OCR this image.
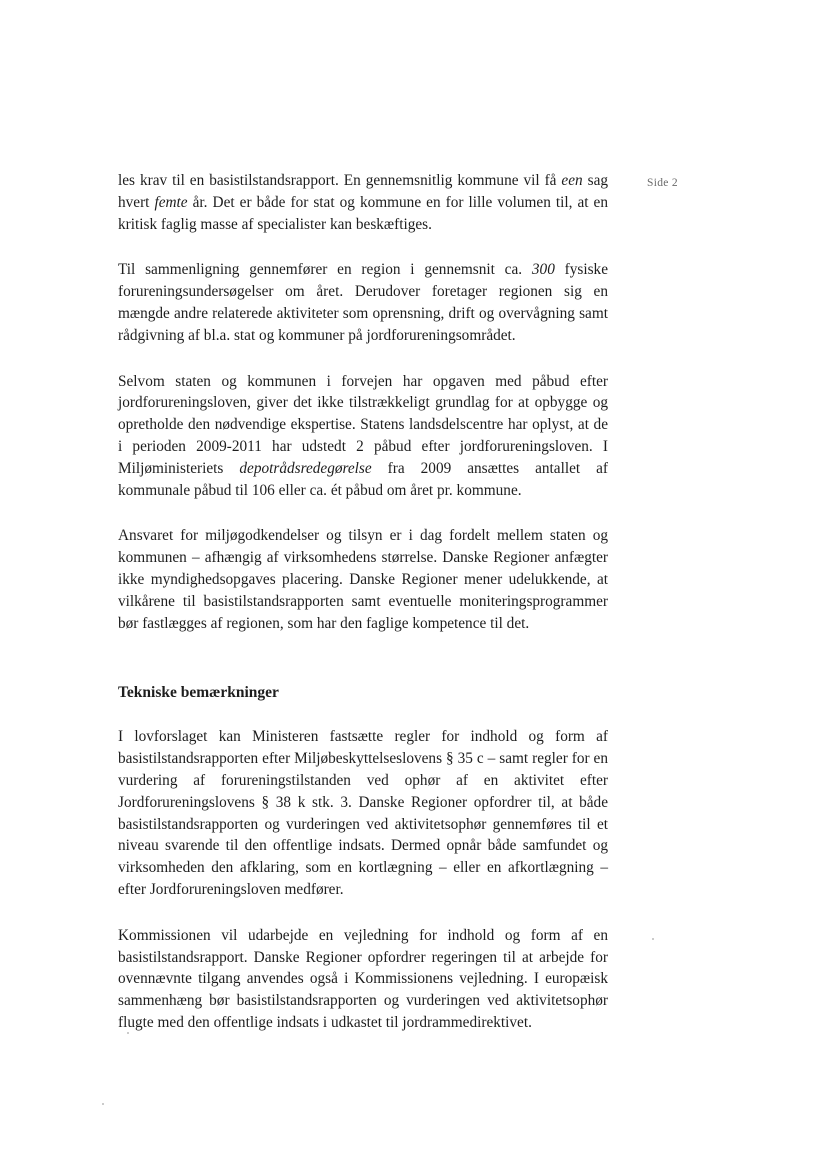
Side 2

les krav til en basistilstandsrapport. En gennemsnitlig kommune vil få een sag hvert femte år. Det er både for stat og kommune en for lille volumen til, at en kritisk faglig masse af specialister kan beskæftiges.

Til sammenligning gennemfører en region i gennemsnit ca. 300 fysiske forureningsundersøgelser om året. Derudover foretager regionen sig en mængde andre relaterede aktiviteter som oprensning, drift og overvågning samt rådgivning af bl.a. stat og kommuner på jordforureningsområdet.

Selvom staten og kommunen i forvejen har opgaven med påbud efter jordforureningsloven, giver det ikke tilstrækkeligt grundlag for at opbygge og opretholde den nødvendige ekspertise. Statens landsdelscentre har oplyst, at de i perioden 2009-2011 har udstedt 2 påbud efter jordforureningsloven. I Miljøministeriets depotrådsredegørelse fra 2009 ansættes antallet af kommunale påbud til 106 eller ca. ét påbud om året pr. kommune.

Ansvaret for miljøgodkendelser og tilsyn er i dag fordelt mellem staten og kommunen – afhængig af virksomhedens størrelse. Danske Regioner anfægter ikke myndighedsopgaves placering. Danske Regioner mener udelukkende, at vilkårene til basistilstandsrapporten samt eventuelle moniteringsprogrammer bør fastlægges af regionen, som har den faglige kompetence til det.

Tekniske bemærkninger

I lovforslaget kan Ministeren fastsætte regler for indhold og form af basistilstandsrapporten efter Miljøbeskyttelseslovens § 35 c – samt regler for en vurdering af forureningstilstanden ved ophør af en aktivitet efter Jordforureningslovens § 38 k stk. 3. Danske Regioner opfordrer til, at både basistilstandsrapporten og vurderingen ved aktivitetsophør gennemføres til et niveau svarende til den offentlige indsats. Dermed opnår både samfundet og virksomheden den afklaring, som en kortlægning – eller en afkortlægning – efter Jordforureningsloven medfører.

Kommissionen vil udarbejde en vejledning for indhold og form af en basistilstandsrapport. Danske Regioner opfordrer regeringen til at arbejde for ovennævnte tilgang anvendes også i Kommissionens vejledning. I europæisk sammenhæng bør basistilstandsrapporten og vurderingen ved aktivitetsophør flugte med den offentlige indsats i udkastet til jordrammedirektivet.
